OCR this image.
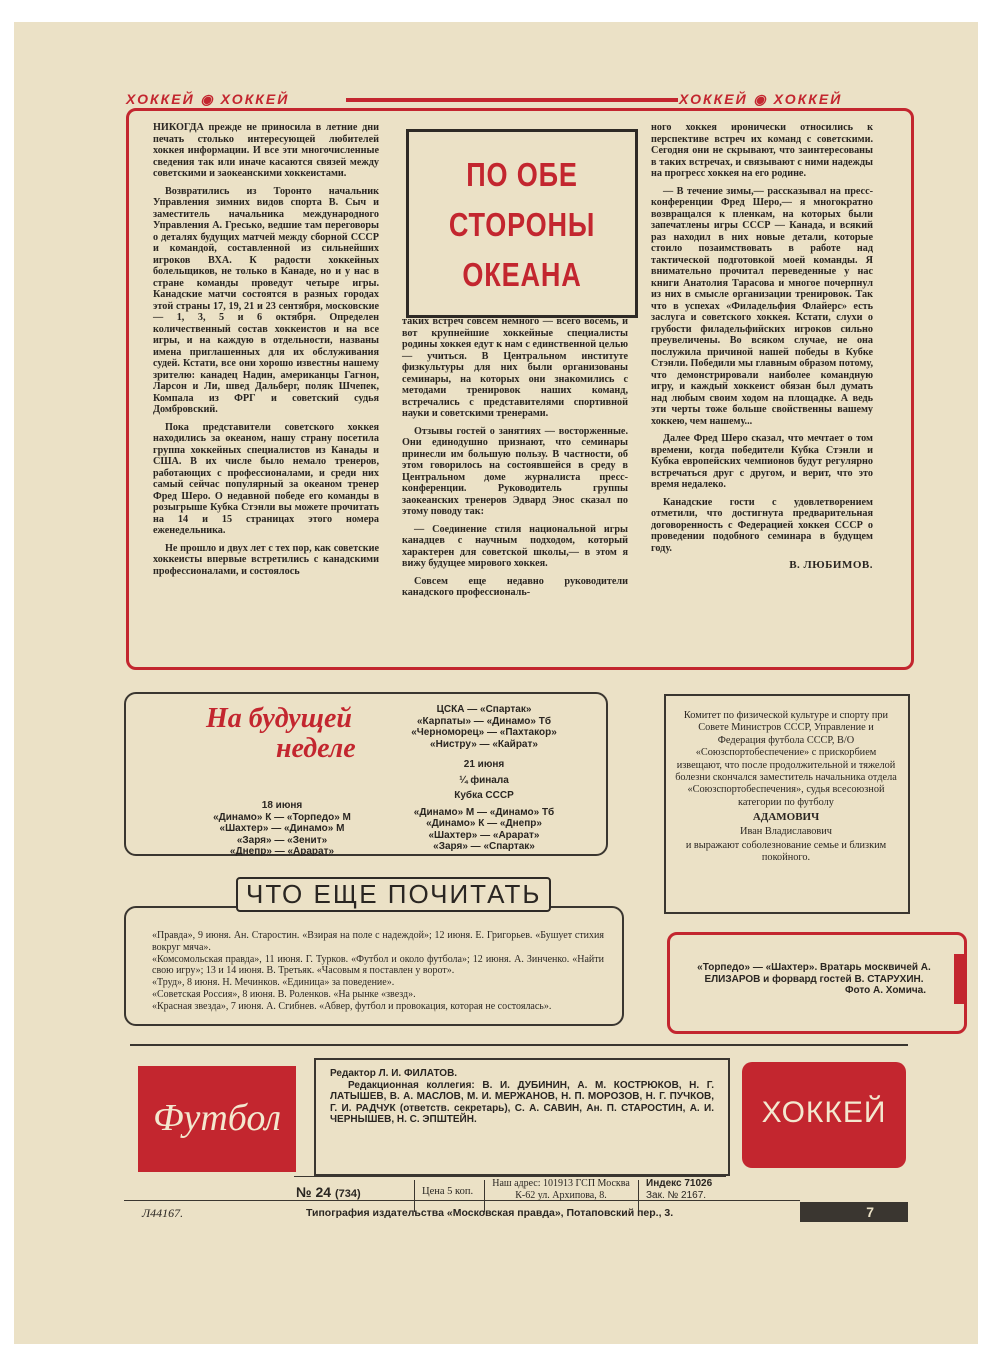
ХОККЕЙ ◉ ХОККЕЙ	ХОККЕЙ ◉ ХОККЕЙ
ПО ОБЕ
СТОРОНЫ
ОКЕАНА

НИКОГДА прежде не приносила в летние дни печать столько интересующей любителей хоккея информации. И все эти многочисленные сведения так или иначе касаются связей между советскими и заокеанскими хоккеистами.

Возвратились из Торонто начальник Управления зимних видов спорта В. Сыч и заместитель начальника международного Управления А. Гресько, ведшие там переговоры о деталях будущих матчей между сборной СССР и командой, составленной из сильнейших игроков ВХА. К радости хоккейных болельщиков, не только в Канаде, но и у нас в стране команды проведут четыре игры. Канадские матчи состоятся в разных городах этой страны 17, 19, 21 и 23 сентября, московские — 1, 3, 5 и 6 октября. Определен количественный состав хоккеистов и на все игры, и на каждую в отдельности, названы имена приглашенных для их обслуживания судей. Кстати, все они хорошо известны нашему зрителю: канадец Надин, американцы Гагнон, Ларсон и Ли, швед Дальберг, поляк Шчепек, Компала из ФРГ и советский судья Домбровский.

Пока представители советского хоккея находились за океаном, нашу страну посетила группа хоккейных специалистов из Канады и США. В их числе было немало тренеров, работающих с профессионалами, и среди них самый сейчас популярный за океаном тренер Фред Шеро. О недавной победе его команды в розыгрыше Кубка Стэнли вы можете прочитать на 14 и 15 страницах этого номера еженедельника.

Не прошло и двух лет с тех пор, как советские хоккеисты впервые встретились с канадскими профессионалами, и состоялось

таких встреч совсем немного — всего восемь, и вот крупнейшие хоккейные специалисты родины хоккея едут к нам с единственной целью — учиться. В Центральном институте физкультуры для них были организованы семинары, на которых они знакомились с методами тренировок наших команд, встречались с представителями спортивной науки и советскими тренерами.

Отзывы гостей о занятиях — восторженные. Они единодушно признают, что семинары принесли им большую пользу. В частности, об этом говорилось на состоявшейся в среду в Центральном доме журналиста пресс-конференции. Руководитель группы заокеанских тренеров Эдвард Энос сказал по этому поводу так:

— Соединение стиля национальной игры канадцев с научным подходом, который характерен для советской школы,— в этом я вижу будущее мирового хоккея.

Совсем еще недавно руководители канадского профессиональ-

ного хоккея иронически относились к перспективе встреч их команд с советскими. Сегодня они не скрывают, что заинтересованы в таких встречах, и связывают с ними надежды на прогресс хоккея на его родине.

— В течение зимы,— рассказывал на пресс-конференции Фред Шеро,— я многократно возвращался к пленкам, на которых были запечатлены игры СССР — Канада, и всякий раз находил в них новые детали, которые стоило позаимствовать в работе над тактической подготовкой моей команды. Я внимательно прочитал переведенные у нас книги Анатолия Тарасова и многое почерпнул из них в смысле организации тренировок. Так что в успехах «Филадельфия Флайерс» есть заслуга и советского хоккея. Кстати, слухи о грубости филадельфийских игроков сильно преувеличены. Во всяком случае, не она послужила причиной нашей победы в Кубке Стэнли. Победили мы главным образом потому, что демонстрировали наиболее командную игру, и каждый хоккеист обязан был думать над любым своим ходом на площадке. А ведь эти черты тоже больше свойственны вашему хоккею, чем нашему...

Далее Фред Шеро сказал, что мечтает о том времени, когда победители Кубка Стэнли и Кубка европейских чемпионов будут регулярно встречаться друг с другом, и верит, что это время недалеко.

Канадские гости с удовлетворением отметили, что достигнута предварительная договоренность с Федерацией хоккея СССР о проведении подобного семинара в будущем году.

В. ЛЮБИМОВ.
На будущей
неделе
18 июня
«Динамо» К — «Торпедо» М
«Шахтер» — «Динамо» М
«Заря» — «Зенит»
«Днепр» — «Арарат»
ЦСКА — «Спартак»
«Карпаты» — «Динамо» Тб
«Черноморец» — «Пахтакор»
«Нистру» — «Кайрат»
21 июня
¼ финала
Кубка СССР
«Динамо» М — «Динамо» Тб
«Динамо» К — «Днепр»
«Шахтер» — «Арарат»
«Заря» — «Спартак»
Комитет по физической культуре и спорту при Совете Министров СССР, Управление и Федерация футбола СССР, В/О «Союзспортобеспечение» с прискорбием извещают, что после продолжительной и тяжелой болезни скончался заместитель начальника отдела «Союзспортобеспечения», судья всесоюзной категории по футболу
АДАМОВИЧ
Иван Владиславович
и выражают соболезнование семье и близким покойного.
ЧТО ЕЩЕ ПОЧИТАТЬ
«Правда», 9 июня. Ан. Старостин. «Взирая на поле с надеждой»; 12 июня. Е. Григорьев. «Бушует стихия вокруг мяча».
«Комсомольская правда», 11 июня. Г. Турков. «Футбол и около футбола»; 12 июня. А. Зинченко. «Найти свою игру»; 13 и 14 июня. В. Третьяк. «Часовым я поставлен у ворот».
«Труд», 8 июня. Н. Мечинков. «Единица» за поведение».
«Советская Россия», 8 июня. В. Роленков. «На рынке «звезд».
«Красная звезда», 7 июня. А. Сгибнев. «Абвер, футбол и провокация, которая не состоялась».
«Торпедо» — «Шахтер». Вратарь москвичей А. ЕЛИЗАРОВ и форвард гостей В. СТАРУХИН.
Фото А. Хомича.
Футбол	ХОККЕЙ
Редактор Л. И. ФИЛАТОВ.
Редакционная коллегия: В. И. ДУБИНИН, А. М. КОСТРЮКОВ, Н. Г. ЛАТЫШЕВ, В. А. МАСЛОВ, М. И. МЕРЖАНОВ, Н. П. МОРОЗОВ, Н. Г. ПУЧКОВ, Г. И. РАДЧУК (ответств. секретарь), С. А. САВИН, Ан. П. СТАРОСТИН, А. И. ЧЕРНЫШЕВ, Н. С. ЭПШТЕЙН.
№ 24 (734)	Цена 5 коп.
Наш адрес: 101913 ГСП Москва К-62 ул. Архипова, 8.
Индекс 71026
Зак. № 2167.
7
Л44167.	Типография издательства «Московская правда», Потаповский пер., 3.
